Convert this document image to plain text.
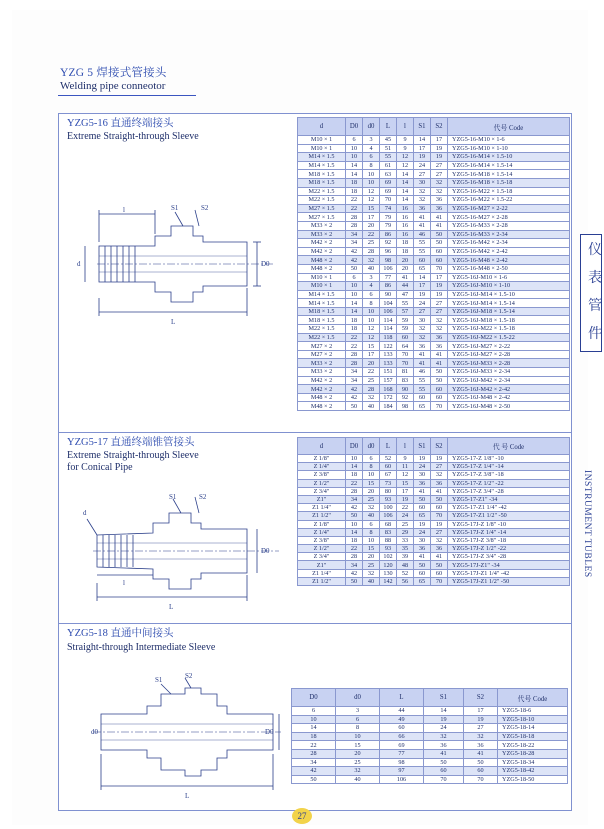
YZG 5 焊接式管接头
Welding pipe conneotor
YZG5-16 直通终端接头
Extreme Straight-through Sleeve
l	S1	S2
L
d	D0
d	D0	d0	L	l	S1	S2	代号 Code
M10 × 1	6	3	45	9	14	17	YZG5-16-M10 × 1-6
M10 × 1	10	4	51	9	17	19	YZG5-16-M10 × 1-10
M14 × 1.5	10	6	55	12	19	19	YZG5-16-M14 × 1.5-10
M14 × 1.5	14	8	61	12	24	27	YZG5-16-M14 × 1.5-14
M18 × 1.5	14	10	63	14	27	27	YZG5-16-M18 × 1.5-14
M18 × 1.5	18	10	69	14	30	32	YZG5-16-M18 × 1.5-18
M22 × 1.5	18	12	69	14	32	32	YZG5-16-M22 × 1.5-18
M22 × 1.5	22	12	70	14	32	36	YZG5-16-M22 × 1.5-22
M27 × 1.5	22	15	74	16	36	36	YZG5-16-M27 × 2-22
M27 × 1.5	28	17	79	16	41	41	YZG5-16-M27 × 2-28
M33 × 2	28	20	79	16	41	41	YZG5-16-M33 × 2-28
M33 × 2	34	22	86	16	46	50	YZG5-16-M33 × 2-34
M42 × 2	34	25	92	18	55	50	YZG5-16-M42 × 2-34
M42 × 2	42	28	96	18	55	60	YZG5-16-M42 × 2-42
M48 × 2	42	32	98	20	60	60	YZG5-16-M48 × 2-42
M48 × 2	50	40	106	20	65	70	YZG5-16-M48 × 2-50
M10 × 1	6	3	77	41	14	17	YZG5-16J-M10 × 1-6
M10 × 1	10	4	86	44	17	19	YZG5-16J-M10 × 1-10
M14 × 1.5	10	6	90	47	19	19	YZG5-16J-M14 × 1.5-10
M14 × 1.5	14	8	104	55	24	27	YZG5-16J-M14 × 1.5-14
M18 × 1.5	14	10	106	57	27	27	YZG5-16J-M18 × 1.5-14
M18 × 1.5	18	10	114	59	30	32	YZG5-16J-M18 × 1.5-18
M22 × 1.5	18	12	114	59	32	32	YZG5-16J-M22 × 1.5-18
M22 × 1.5	22	12	118	60	32	36	YZG5-16J-M22 × 1.5-22
M27 × 2	22	15	122	64	36	36	YZG5-16J-M27 × 2-22
M27 × 2	28	17	133	70	41	41	YZG5-16J-M27 × 2-28
M33 × 2	28	20	133	70	41	41	YZG5-16J-M33 × 2-28
M33 × 2	34	22	151	81	46	50	YZG5-16J-M33 × 2-34
M42 × 2	34	25	157	83	55	50	YZG5-16J-M42 × 2-34
M42 × 2	42	28	168	90	55	60	YZG5-16J-M42 × 2-42
M48 × 2	42	32	172	92	60	60	YZG5-16J-M48 × 2-42
M48 × 2	50	40	184	98	65	70	YZG5-16J-M48 × 2-50
YZG5-17 直通终端锥管接头
Extreme Straight-through Sleeve
for Conical Pipe
d
S1	S2
l
L
D0
d	D0	d0	L	l	S1	S2	代 号 Code
Z 1/8"	10	6	52	9	19	19	YZG5-17-Z 1/8" -10
Z 1/4"	14	8	60	11	24	27	YZG5-17-Z 1/4" -14
Z 3/8"	18	10	67	12	30	32	YZG5-17-Z 3/8" -18
Z 1/2"	22	15	73	15	36	36	YZG5-17-Z 1/2" -22
Z 3/4"	28	20	80	17	41	41	YZG5-17-Z 3/4" -28
Z1"	34	25	93	19	50	50	YZG5-17-Z1" -34
Z1 1/4"	42	32	100	22	60	60	YZG5-17-Z1 1/4" -42
Z1 1/2"	50	40	106	24	65	70	YZG5-17-Z1 1/2" -50
Z 1/8"	10	6	68	25	19	19	YZG5-17J-Z 1/8" -10
Z 1/4"	14	8	83	29	24	27	YZG5-17J-Z 1/4" -14
Z 3/8"	18	10	88	33	30	32	YZG5-17J-Z 3/8" -18
Z 1/2"	22	15	93	35	36	36	YZG5-17J-Z 1/2" -22
Z 3/4"	28	20	102	39	41	41	YZG5-17J-Z 3/4" -28
Z1"	34	25	120	48	50	50	YZG5-17J-Z1" -34
Z1 1/4"	42	32	130	52	60	60	YZG5-17J-Z1 1/4" -42
Z1 1/2"	50	40	142	56	65	70	YZG5-17J-Z1 1/2" -50
YZG5-18 直通中间接头
Straight-through Intermediate Sleeve
S1	S2
L
d0	D0
D0	d0	L	S1	S2	代号 Code
6	3	44	14	17	YZG5-18-6
10	6	49	19	19	YZG5-18-10
14	8	60	24	27	YZG5-18-14
18	10	66	32	32	YZG5-18-18
22	15	69	36	36	YZG5-18-22
28	20	77	41	41	YZG5-18-28
34	25	98	50	50	YZG5-18-34
42	32	97	60	60	YZG5-18-42
50	40	106	70	70	YZG5-18-50
仪
表
管
件
INSTRUMENT TUBLES
27
